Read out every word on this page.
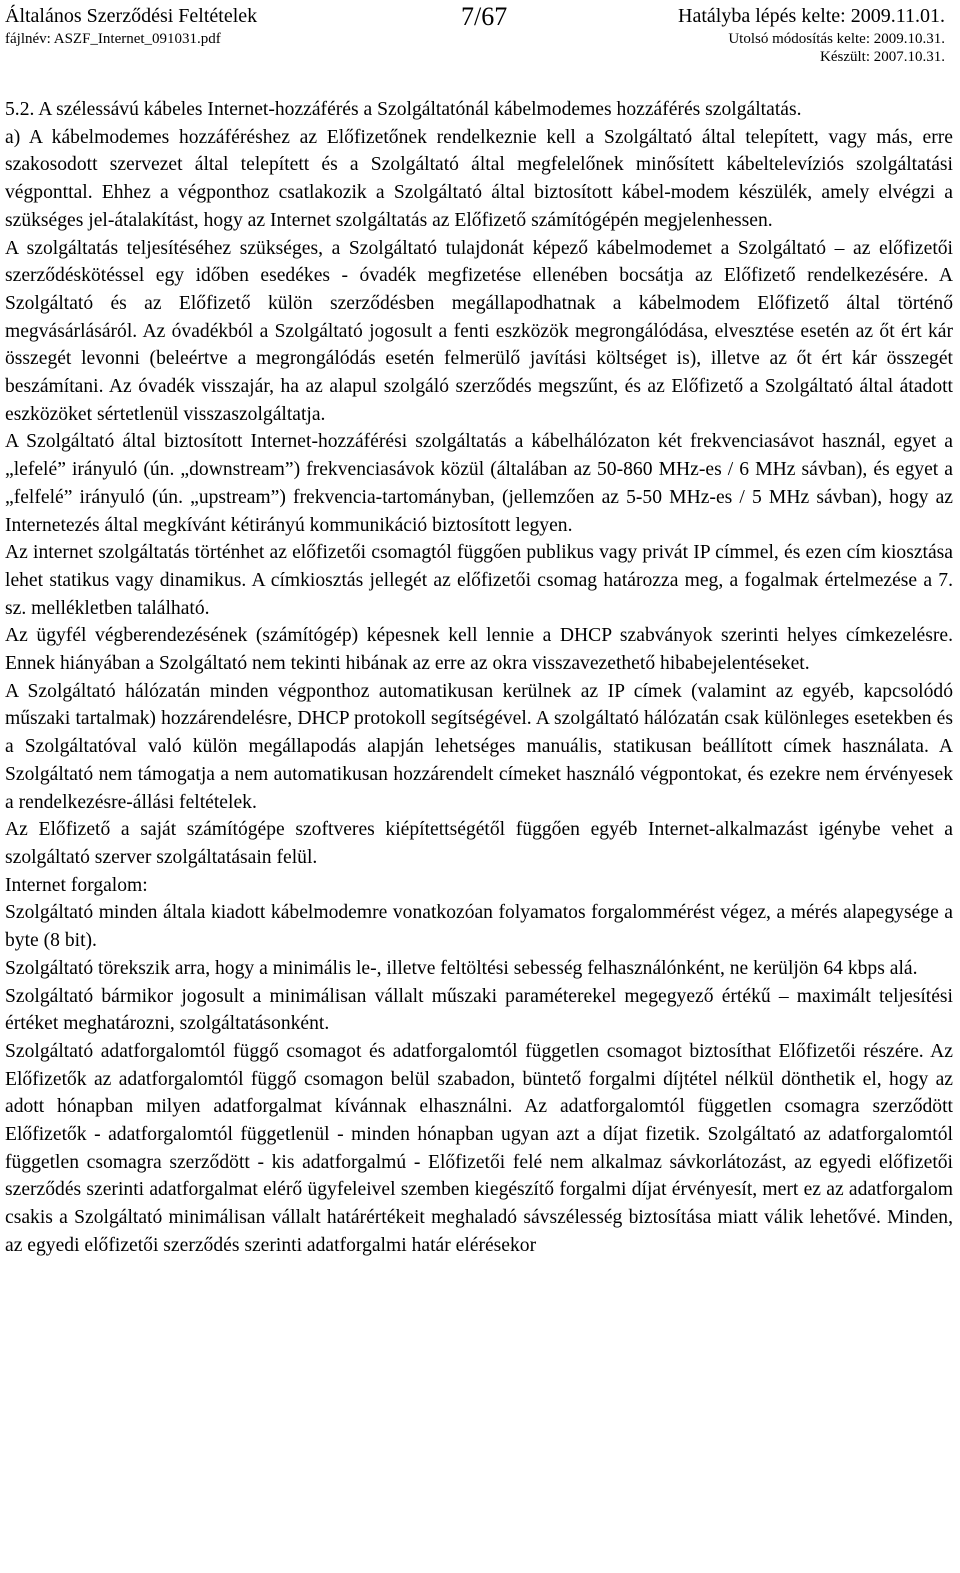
Általános Szerződési Feltételek
fájlnév: ASZF_Internet_091031.pdf
7/67	Hatályba lépés kelte: 2009.11.01.
Utolsó módosítás kelte: 2009.10.31.
Készült: 2007.10.31.

5.2. A szélessávú kábeles Internet-hozzáférés a Szolgáltatónál kábelmodemes hozzáférés szolgáltatás.

a) A kábelmodemes hozzáféréshez az Előfizetőnek rendelkeznie kell a Szolgáltató által telepített, vagy más, erre szakosodott szervezet által telepített és a Szolgáltató által megfelelőnek minősített kábeltelevíziós szolgáltatási végponttal. Ehhez a végponthoz csatlakozik a Szolgáltató által biztosított kábel-modem készülék, amely elvégzi a szükséges jel-átalakítást, hogy az Internet szolgáltatás az Előfizető számítógépén megjelenhessen.

A szolgáltatás teljesítéséhez szükséges, a Szolgáltató tulajdonát képező kábelmodemet a Szolgáltató – az előfizetői szerződéskötéssel egy időben esedékes - óvadék megfizetése ellenében bocsátja az Előfizető rendelkezésére. A Szolgáltató és az Előfizető külön szerződésben megállapodhatnak a kábelmodem Előfizető által történő megvásárlásáról. Az óvadékból a Szolgáltató jogosult a fenti eszközök megrongálódása, elvesztése esetén az őt ért kár összegét levonni (beleértve a megrongálódás esetén felmerülő javítási költséget is), illetve az őt ért kár összegét beszámítani. Az óvadék visszajár, ha az alapul szolgáló szerződés megszűnt, és az Előfizető a Szolgáltató által átadott eszközöket sértetlenül visszaszolgáltatja.

A Szolgáltató által biztosított Internet-hozzáférési szolgáltatás a kábelhálózaton két frekvenciasávot használ, egyet a „lefelé” irányuló (ún. „downstream”) frekvenciasávok közül (általában az 50-860 MHz-es / 6 MHz sávban), és egyet a „felfelé” irányuló (ún. „upstream”) frekvencia-tartományban, (jellemzően az 5-50 MHz-es / 5 MHz sávban), hogy az Internetezés által megkívánt kétirányú kommunikáció biztosított legyen.

Az internet szolgáltatás történhet az előfizetői csomagtól függően publikus vagy privát IP címmel, és ezen cím kiosztása lehet statikus vagy dinamikus. A címkiosztás jellegét az előfizetői csomag határozza meg, a fogalmak értelmezése a 7. sz. mellékletben található.

Az ügyfél végberendezésének (számítógép) képesnek kell lennie a DHCP szabványok szerinti helyes címkezelésre. Ennek hiányában a Szolgáltató nem tekinti hibának az erre az okra visszavezethető hibabejelentéseket.

A Szolgáltató hálózatán minden végponthoz automatikusan kerülnek az IP címek (valamint az egyéb, kapcsolódó műszaki tartalmak) hozzárendelésre, DHCP protokoll segítségével. A szolgáltató hálózatán csak különleges esetekben és a Szolgáltatóval való külön megállapodás alapján lehetséges manuális, statikusan beállított címek használata. A Szolgáltató nem támogatja a nem automatikusan hozzárendelt címeket használó végpontokat, és ezekre nem érvényesek a rendelkezésre-állási feltételek.

Az Előfizető a saját számítógépe szoftveres kiépítettségétől függően egyéb Internet-alkalmazást igénybe vehet a szolgáltató szerver szolgáltatásain felül.

Internet forgalom:

Szolgáltató minden általa kiadott kábelmodemre vonatkozóan folyamatos forgalommérést végez, a mérés alapegysége a byte (8 bit).

Szolgáltató törekszik arra, hogy a minimális le-, illetve feltöltési sebesség felhasználónként, ne kerüljön 64 kbps alá.

Szolgáltató bármikor jogosult a minimálisan vállalt műszaki paraméterekel megegyező értékű – maximált teljesítési értéket meghatározni, szolgáltatásonként.

Szolgáltató adatforgalomtól függő csomagot és adatforgalomtól független csomagot biztosíthat Előfizetői részére. Az Előfizetők az adatforgalomtól függő csomagon belül szabadon, büntető forgalmi díjtétel nélkül dönthetik el, hogy az adott hónapban milyen adatforgalmat kívánnak elhasználni. Az adatforgalomtól független csomagra szerződött Előfizetők - adatforgalomtól függetlenül - minden hónapban ugyan azt a díjat fizetik. Szolgáltató az adatforgalomtól független csomagra szerződött - kis adatforgalmú - Előfizetői felé nem alkalmaz sávkorlátozást, az egyedi előfizetői szerződés szerinti adatforgalmat elérő ügyfeleivel szemben kiegészítő forgalmi díjat érvényesít, mert ez az adatforgalom csakis a Szolgáltató minimálisan vállalt határértékeit meghaladó sávszélesség biztosítása miatt válik lehetővé. Minden, az egyedi előfizetői szerződés szerinti adatforgalmi határ elérésekor
